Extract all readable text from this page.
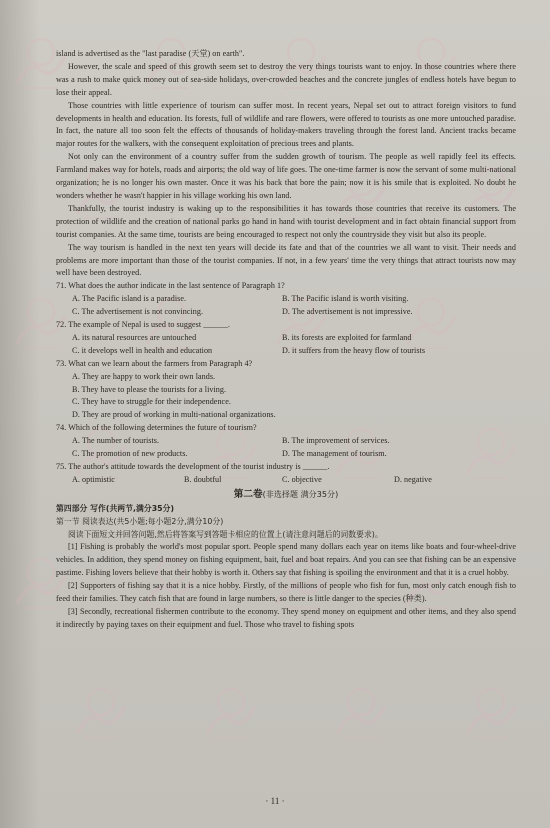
island is advertised as the "last paradise (天堂) on earth".

However, the scale and speed of this growth seem set to destroy the very things tourists want to enjoy. In those countries where there was a rush to make quick money out of sea-side holidays, over-crowded beaches and the concrete jungles of endless hotels have begun to lose their appeal.

Those countries with little experience of tourism can suffer most. In recent years, Nepal set out to attract foreign visitors to fund developments in health and education. Its forests, full of wildlife and rare flowers, were offered to tourists as one more untouched paradise. In fact, the nature all too soon felt the effects of thousands of holiday-makers traveling through the forest land. Ancient tracks became major routes for the walkers, with the consequent exploitation of precious trees and plants.

Not only can the environment of a country suffer from the sudden growth of tourism. The people as well rapidly feel its effects. Farmland makes way for hotels, roads and airports; the old way of life goes. The one-time farmer is now the servant of some multi-national organization; he is no longer his own master. Once it was his back that bore the pain; now it is his smile that is exploited. No doubt he wonders whether he wasn't happier in his village working his own land.

Thankfully, the tourist industry is waking up to the responsibilities it has towards those countries that receive its customers. The protection of wildlife and the creation of national parks go hand in hand with tourist development and in fact obtain financial support from tourist companies. At the same time, tourists are being encouraged to respect not only the countryside they visit but also its people.

The way tourism is handled in the next ten years will decide its fate and that of the countries we all want to visit. Their needs and problems are more important than those of the tourist companies. If not, in a few years' time the very things that attract tourists now may well have been destroyed.

71. What does the author indicate in the last sentence of Paragraph 1?

A. The Pacific island is a paradise.	B. The Pacific island is worth visiting.
C. The advertisement is not convincing.	D. The advertisement is not impressive.

72. The example of Nepal is used to suggest ______.

A. its natural resources are untouched	B. its forests are exploited for farmland
C. it develops well in health and education	D. it suffers from the heavy flow of tourists

73. What can we learn about the farmers from Paragraph 4?

A. They are happy to work their own lands.
B. They have to please the tourists for a living.
C. They have to struggle for their independence.
D. They are proud of working in multi-national organizations.

74. Which of the following determines the future of tourism?

A. The number of tourists.	B. The improvement of services.
C. The promotion of new products.	D. The management of tourism.

75. The author's attitude towards the development of the tourist industry is ______.

A. optimistic	B. doubtful	C. objective	D. negative
第二卷(非选择题 满分35分)
第四部分 写作(共两节,满分35分)
第一节 阅读表达(共5小题;每小题2分,满分10分)
阅读下面短文并回答问题,然后将答案写到答题卡相应的位置上(请注意问题后的词数要求)。

[1] Fishing is probably the world's most popular sport. People spend many dollars each year on items like boats and four-wheel-drive vehicles. In addition, they spend money on fishing equipment, bait, fuel and boat repairs. And you can see that fishing can be an expensive pastime. Fishing lovers believe that their hobby is worth it. Others say that fishing is spoiling the environment and that it is a cruel hobby.

[2] Supporters of fishing say that it is a nice hobby. Firstly, of the millions of people who fish for fun, most only catch enough fish to feed their families. They catch fish that are found in large numbers, so there is little danger to the species (种类).

[3] Secondly, recreational fishermen contribute to the economy. They spend money on equipment and other items, and they also spend it indirectly by paying taxes on their equipment and fuel. Those who travel to fishing spots

· 11 ·
